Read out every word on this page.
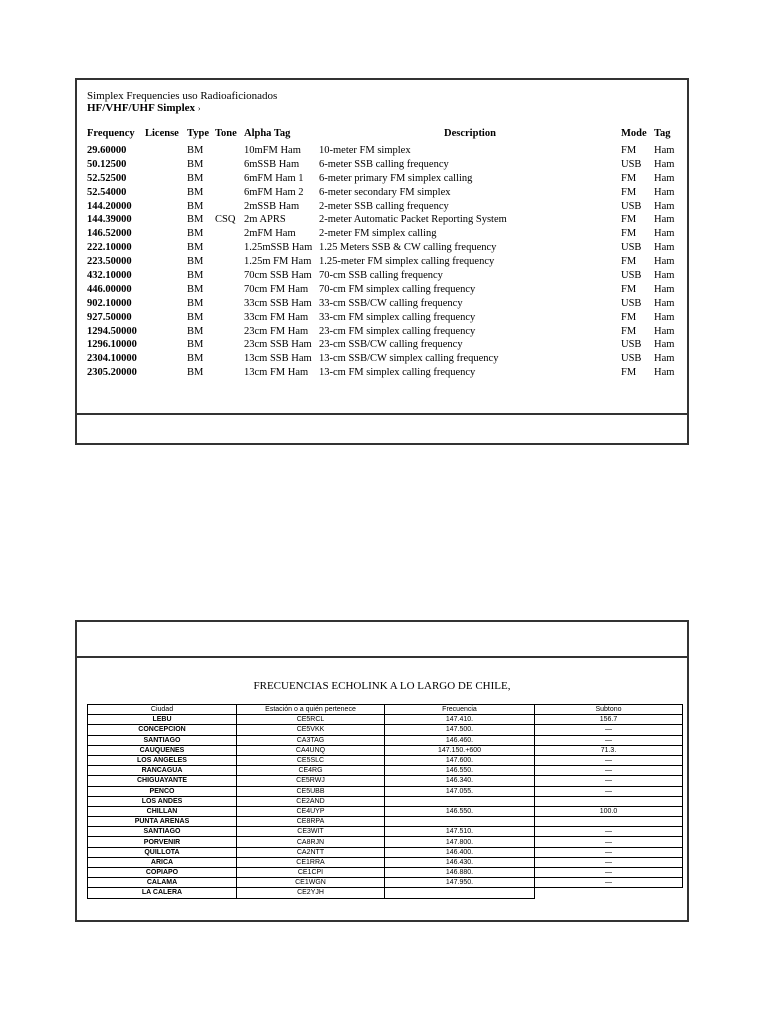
Simplex Frequencies uso Radioaficionados
HF/VHF/UHF Simplex ›
Frequency	License	Type	Tone	Alpha Tag	Description	Mode	Tag
29.60000		BM		10mFM Ham	10-meter FM simplex	FM	Ham
50.12500		BM		6mSSB Ham	6-meter SSB calling frequency	USB	Ham
52.52500		BM		6mFM Ham 1	6-meter primary FM simplex calling	FM	Ham
52.54000		BM		6mFM Ham 2	6-meter secondary FM simplex	FM	Ham
144.20000		BM		2mSSB Ham	2-meter SSB calling frequency	USB	Ham
144.39000		BM	CSQ	2m APRS	2-meter Automatic Packet Reporting System	FM	Ham
146.52000		BM		2mFM Ham	2-meter FM simplex calling	FM	Ham
222.10000		BM		1.25mSSB Ham	1.25 Meters SSB & CW calling frequency	USB	Ham
223.50000		BM		1.25m FM Ham	1.25-meter FM simplex calling frequency	FM	Ham
432.10000		BM		70cm SSB Ham	70-cm SSB calling frequency	USB	Ham
446.00000		BM		70cm FM Ham	70-cm FM simplex calling frequency	FM	Ham
902.10000		BM		33cm SSB Ham	33-cm SSB/CW calling frequency	USB	Ham
927.50000		BM		33cm FM Ham	33-cm FM simplex calling frequency	FM	Ham
1294.50000		BM		23cm FM Ham	23-cm FM simplex calling frequency	FM	Ham
1296.10000		BM		23cm SSB Ham	23-cm SSB/CW calling frequency	USB	Ham
2304.10000		BM		13cm SSB Ham	13-cm SSB/CW simplex calling frequency	USB	Ham
2305.20000		BM		13cm FM Ham	13-cm FM simplex calling frequency	FM	Ham
FRECUENCIAS ECHOLINK A LO LARGO DE CHILE,
Ciudad	Estación o a quién pertenece	Frecuencia	Subtono
LEBU	CE5RCL	147.410.	156.7
CONCEPCION	CE5VKK	147.500.	—
SANTIAGO	CA3TAG	146.460.	—
CAUQUENES	CA4UNQ	147.150.+600	71.3.
LOS ANGELES	CE5SLC	147.600.	—
RANCAGUA	CE4RG	146.550.	—
CHIGUAYANTE	CE5RWJ	146.340.	—
PENCO	CE5UBB	147.055.	—
LOS ANDES	CE2AND		
CHILLAN	CE4UYP	146.550.	100.0
PUNTA ARENAS	CE8RPA		
SANTIAGO	CE3WIT	147.510.	—
PORVENIR	CA8RJN	147.800.	—
QUILLOTA	CA2NTT	146.400.	—
ARICA	CE1RRA	146.430.	—
COPIAPO	CE1CPI	146.880.	—
CALAMA	CE1WGN	147.950.	—
LA CALERA	CE2YJH		
